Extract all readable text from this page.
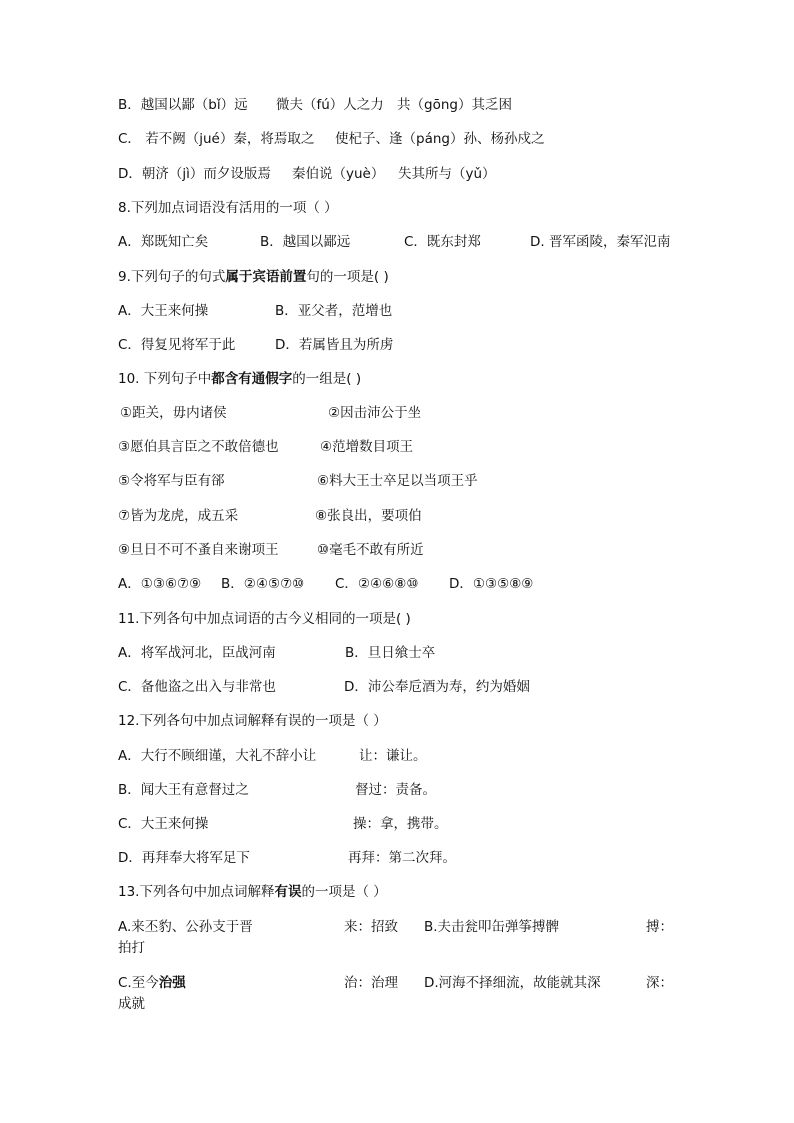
B．越国以鄙（bǐ）远 微夫（fú）人之力 共（gōng）其乏困
C． 若不阙（jué）秦，将焉取之 使杞子、逢（páng）孙、杨孙戍之
D．朝济（jì）而夕设版焉 秦伯说（yuè） 失其所与（yǔ）
8.下列加点词语没有活用的一项（ ）
A．郑既知亡矣	B．越国以鄙远	C．既东封郑	D. 晋军函陵，秦军氾南
9.下列句子的句式属于宾语前置句的一项是( )
A．大王来何操	B．亚父者，范增也
C．得复见将军于此	D．若属皆且为所虏
10. 下列句子中都含有通假字的一组是( )
①距关，毋内诸侯	②因击沛公于坐
③愿伯具言臣之不敢倍德也	④范增数目项王
⑤令将军与臣有郤	⑥料大王士卒足以当项王乎
⑦皆为龙虎，成五采	⑧张良出，要项伯
⑨旦日不可不蚤自来谢项王	⑩毫毛不敢有所近
A．①③⑥⑦⑨ B．②④⑤⑦⑩ C．②④⑥⑧⑩ D．①③⑤⑧⑨
11.下列各句中加点词语的古今义相同的一项是( )
A．将军战河北，臣战河南	B．旦日飨士卒
C．备他盗之出入与非常也	D．沛公奉卮酒为寿，约为婚姻
12.下列各句中加点词解释有误的一项是（ ）
A．大行不顾细谨，大礼不辞小让	让：谦让。
B．闻大王有意督过之	督过：责备。
C．大王来何操	操：拿，携带。
D．再拜奉大将军足下	再拜：第二次拜。
13.下列各句中加点词解释有误的一项是（ ）
A.来丕豹、公孙支于晋	来：招致 B.夫击瓮叩缶弹筝搏髀	搏：
拍打
C.至今治强	治：治理 D.河海不择细流，故能就其深	深：
成就
